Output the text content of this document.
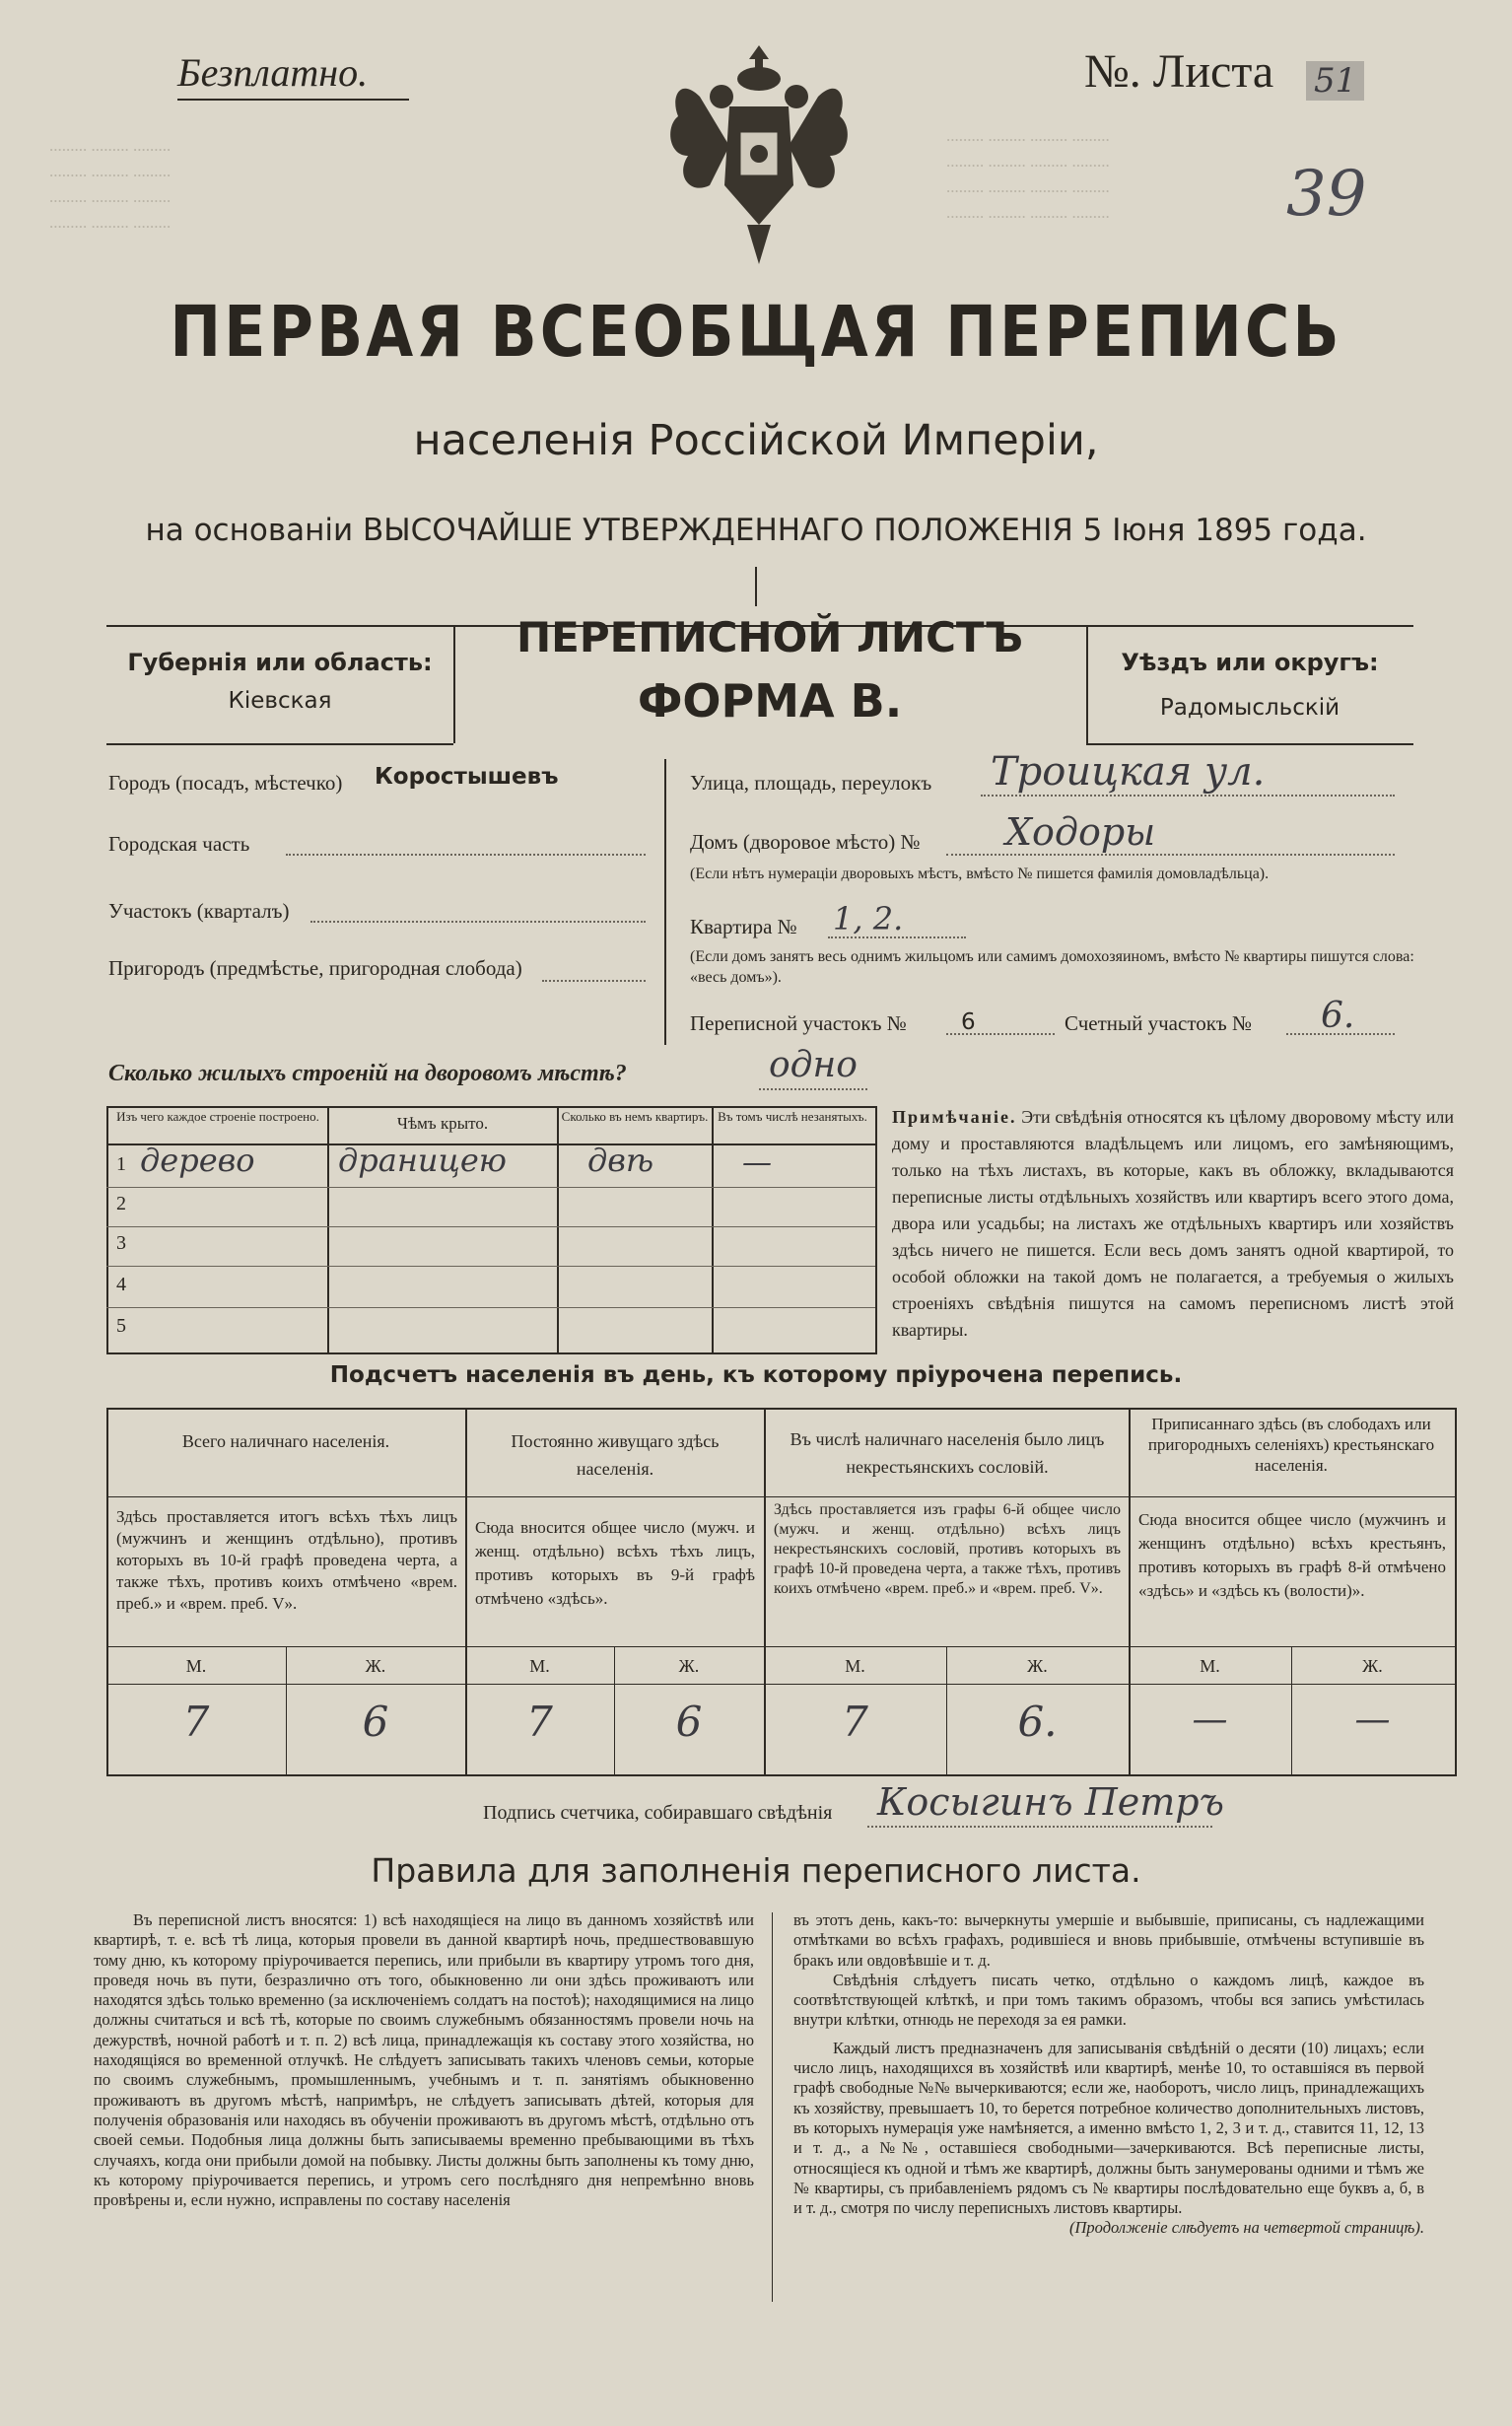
......... ......... .........
......... ......... .........
......... ......... .........
......... ......... .........
......... ......... ......... .........
......... ......... ......... .........
......... ......... ......... .........
......... ......... ......... .........
Безплатно.	№. Листа 51
39
ПЕРВАЯ ВСЕОБЩАЯ ПЕРЕПИСЬ
населенія Россійской Имперіи,
на основаніи ВЫСОЧАЙШЕ УТВЕРЖДЕННАГО ПОЛОЖЕНІЯ 5 Іюня 1895 года.
Губернія или область:
Кіевская
ПЕРЕПИСНОЙ ЛИСТЪ
ФОРМА В.
Уѣздъ или округъ:
Радомысльскій
Городъ (посадъ, мѣстечко) Коростышевъ
Городская часть
Участокъ (кварталъ)
Пригородъ (предмѣстье, пригородная слобода)
Улица, площадь, переулокъ Троицкая ул.
Домъ (дворовое мѣсто) № Ходоры
(Если нѣтъ нумераціи дворовыхъ мѣстъ, вмѣсто № пишется фамилія домовладѣльца).
Квартира № 1, 2.
(Если домъ занятъ весь однимъ жильцомъ или самимъ домохозяиномъ, вмѣсто № квартиры пишутся слова: «весь домъ»).
Переписной участокъ № 6	Счетный участокъ № 6.
Сколько жилыхъ строеній на дворовомъ мѣстѣ?	одно
Изъ чего каждое строеніе построено.	Чѣмъ крыто.	Сколько въ немъ квартиръ. Въ томъ числѣ незанятыхъ.
1 дерево	драницею	двѣ	—
2
3
4
5
Примѣчаніе. Эти свѣдѣнія относятся къ цѣлому дворовому мѣсту или дому и проставляются владѣльцемъ или лицомъ, его замѣняющимъ, только на тѣхъ листахъ, въ которые, какъ въ обложку, вкладываются переписные листы отдѣльныхъ хозяйствъ или квартиръ всего этого дома, двора или усадьбы; на листахъ же отдѣльныхъ квартиръ или хозяйствъ здѣсь ничего не пишется. Если весь домъ занятъ одной квартирой, то особой обложки на такой домъ не полагается, а требуемыя о жилыхъ строеніяхъ свѣдѣнія пишутся на самомъ переписномъ листѣ этой квартиры.
Подсчетъ населенія въ день, къ которому пріурочена перепись.
Всего наличнаго населенія.
Здѣсь проставляется итогъ всѣхъ тѣхъ лицъ (мужчинъ и женщинъ отдѣльно), противъ которыхъ въ 10-й графѣ проведена черта, а также тѣхъ, противъ коихъ отмѣчено «врем. преб.» и «врем. преб. V».
М.	Ж.
7	6
Постоянно живущаго здѣсь населенія.
Сюда вносится общее число (мужч. и женщ. отдѣльно) всѣхъ тѣхъ лицъ, противъ которыхъ въ 9-й графѣ отмѣчено «здѣсь».
М.	Ж.
7	6
Въ числѣ наличнаго населенія было лицъ некрестьянскихъ сословій.
Здѣсь проставляется изъ графы 6-й общее число (мужч. и женщ. отдѣльно) всѣхъ лицъ некрестьянскихъ сословій, противъ которыхъ въ графѣ 10-й проведена черта, а также тѣхъ, противъ коихъ отмѣчено «врем. преб.» и «врем. преб. V».
М.	Ж.
7	6.
Приписаннаго здѣсь (въ слободахъ или пригородныхъ селеніяхъ) крестьянскаго населенія.
Сюда вносится общее число (мужчинъ и женщинъ отдѣльно) всѣхъ крестьянъ, противъ которыхъ въ графѣ 8-й отмѣчено «здѣсь» и «здѣсь къ (волости)».
М.	Ж.
—	—
Подпись счетчика, собиравшаго свѣдѣнія Косыгинъ Петръ
Правила для заполненія переписного листа.
Въ переписной листъ вносятся: 1) всѣ находящіеся на лицо въ данномъ хозяйствѣ или квартирѣ, т. е. всѣ тѣ лица, которыя провели въ данной квартирѣ ночь, предшествовавшую тому дню, къ которому пріурочивается перепись, или прибыли въ квартиру утромъ того дня, проведя ночь въ пути, безразлично отъ того, обыкновенно ли они здѣсь проживаютъ или находятся здѣсь только временно (за исключеніемъ солдатъ на постоѣ); находящимися на лицо должны считаться и всѣ тѣ, которые по своимъ служебнымъ обязанностямъ провели ночь на дежурствѣ, ночной работѣ и т. п. 2) всѣ лица, принадлежащія къ составу этого хозяйства, но находящіяся во временной отлучкѣ. Не слѣдуетъ записывать такихъ членовъ семьи, которые по своимъ служебнымъ, промышленнымъ, учебнымъ и т. п. занятіямъ обыкновенно проживаютъ въ другомъ мѣстѣ, напримѣръ, не слѣдуетъ записывать дѣтей, которыя для полученія образованія или находясь въ обученіи проживаютъ въ другомъ мѣстѣ, отдѣльно отъ своей семьи. Подобныя лица должны быть записываемы временно пребывающими въ тѣхъ случаяхъ, когда они прибыли домой на побывку. Листы должны быть заполнены къ тому дню, къ которому пріурочивается перепись, и утромъ сего послѣдняго дня непремѣнно вновь провѣрены и, если нужно, исправлены по составу населенія
въ этотъ день, какъ-то: вычеркнуты умершіе и выбывшіе, приписаны, съ надлежащими отмѣтками во всѣхъ графахъ, родившіеся и вновь прибывшіе, отмѣчены вступившіе въ бракъ или овдовѣвшіе и т. д.
Свѣдѣнія слѣдуетъ писать четко, отдѣльно о каждомъ лицѣ, каждое въ соотвѣтствующей клѣткѣ, и при томъ такимъ образомъ, чтобы вся запись умѣстилась внутри клѣтки, отнюдь не переходя за ея рамки.
Каждый листъ предназначенъ для записыванія свѣдѣній о десяти (10) лицахъ; если число лицъ, находящихся въ хозяйствѣ или квартирѣ, менѣе 10, то оставшіяся въ первой графѣ свободные №№ вычеркиваются; если же, наоборотъ, число лицъ, принадлежащихъ къ хозяйству, превышаетъ 10, то берется потребное количество дополнительныхъ листовъ, въ которыхъ нумерація уже намѣняется, а именно вмѣсто 1, 2, 3 и т. д., ставится 11, 12, 13 и т. д., а №№, оставшіеся свободными—зачеркиваются. Всѣ переписные листы, относящіеся къ одной и тѣмъ же квартирѣ, должны быть занумерованы одними и тѣмъ же № квартиры, съ прибавленіемъ рядомъ съ № квартиры послѣдовательно еще буквъ а, б, в и т. д., смотря по числу переписныхъ листовъ квартиры.
(Продолженіе слѣдуетъ на четвертой страницѣ).
